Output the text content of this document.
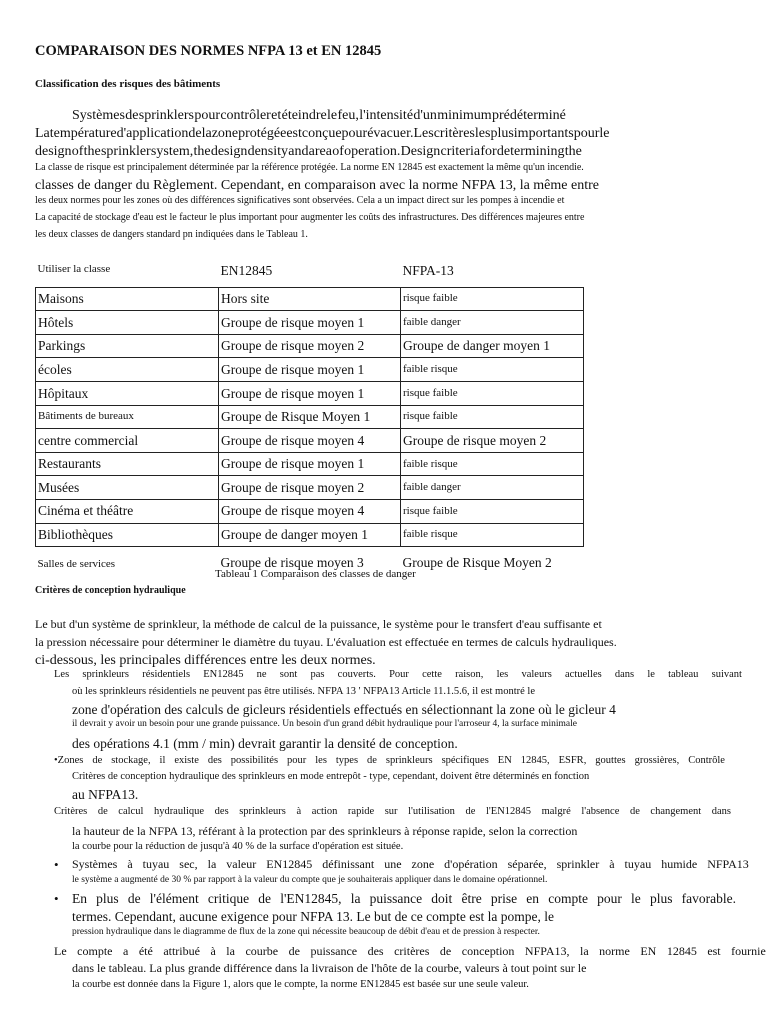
COMPARAISON DES NORMES NFPA 13 et EN 12845
Classification des risques des bâtiments
Systèmes de sprinklers pour contrôler et éteindre le feu, l'intensité d'un minimum prédéterminé
La température d'application de la zone protégée est conçue pour évacuer. Les critères les plus importants pour le
design of the sprinkler system, the design density and area of operation. Design criteria for determining the
La classe de risque est principalement déterminée par la référence protégée. La norme EN 12845 est exactement la même qu'un incendie.
classes de danger du Règlement. Cependant, en comparaison avec la norme NFPA 13, la même entre
les deux normes pour les zones où des différences significatives sont observées. Cela a un impact direct sur les pompes à incendie et
La capacité de stockage d'eau est le facteur le plus important pour augmenter les coûts des infrastructures. Des différences majeures entre
les deux classes de dangers standard pn indiquées dans le Tableau 1.
Utiliser la classe	EN12845	NFPA-13
Maisons	Hors site	risque faible
Hôtels	Groupe de risque moyen 1	faible danger
Parkings	Groupe de risque moyen 2	Groupe de danger moyen 1
écoles	Groupe de risque moyen 1	faible risque
Hôpitaux	Groupe de risque moyen 1	risque faible
Bâtiments de bureaux	Groupe de Risque Moyen 1	risque faible
centre commercial	Groupe de risque moyen 4	Groupe de risque moyen 2
Restaurants	Groupe de risque moyen 1	faible risque
Musées	Groupe de risque moyen 2	faible danger
Cinéma et théâtre	Groupe de risque moyen 4	risque faible
Bibliothèques	Groupe de danger moyen 1	faible risque
Salles de services	Groupe de risque moyen 3	Groupe de Risque Moyen 2
Tableau 1 Comparaison des classes de danger
Critères de conception hydraulique
Le but d'un système de sprinkleur, la méthode de calcul de la puissance, le système pour le transfert d'eau suffisante et
la pression nécessaire pour déterminer le diamètre du tuyau. L'évaluation est effectuée en termes de calculs hydrauliques.
ci-dessous, les principales différences entre les deux normes.
Les sprinkleurs résidentiels EN12845 ne sont pas couverts. Pour cette raison, les valeurs actuelles dans le tableau suivant
où les sprinkleurs résidentiels ne peuvent pas être utilisés. NFPA 13 ' NFPA13 Article 11.1.5.6, il est montré le
zone d'opération des calculs de gicleurs résidentiels effectués en sélectionnant la zone où le gicleur 4
il devrait y avoir un besoin pour une grande puissance. Un besoin d'un grand débit hydraulique pour l'arroseur 4, la surface minimale
des opérations 4.1 (mm / min) devrait garantir la densité de conception.
•Zones de stockage, il existe des possibilités pour les types de sprinkleurs spécifiques EN 12845, ESFR, gouttes grossières, Contrôle
Critères de conception hydraulique des sprinkleurs en mode entrepôt - type, cependant, doivent être déterminés en fonction
au NFPA13.
Critères de calcul hydraulique des sprinkleurs à action rapide sur l'utilisation de l'EN12845 malgré l'absence de changement dans
la hauteur de la NFPA 13, référant à la protection par des sprinkleurs à réponse rapide, selon la correction
la courbe pour la réduction de jusqu'à 40 % de la surface d'opération est située.
• Systèmes à tuyau sec, la valeur EN12845 définissant une zone d'opération séparée, sprinkler à tuyau humide NFPA13
le système a augmenté de 30 % par rapport à la valeur du compte que je souhaiterais appliquer dans le domaine opérationnel.
• En plus de l'élément critique de l'EN12845, la puissance doit être prise en compte pour le plus favorable.
termes. Cependant, aucune exigence pour NFPA 13. Le but de ce compte est la pompe, le
pression hydraulique dans le diagramme de flux de la zone qui nécessite beaucoup de débit d'eau et de pression à respecter.
Le compte a été attribué à la courbe de puissance des critères de conception NFPA13, la norme EN 12845 est fournie
dans le tableau. La plus grande différence dans la livraison de l'hôte de la courbe, valeurs à tout point sur le
la courbe est donnée dans la Figure 1, alors que le compte, la norme EN12845 est basée sur une seule valeur.
